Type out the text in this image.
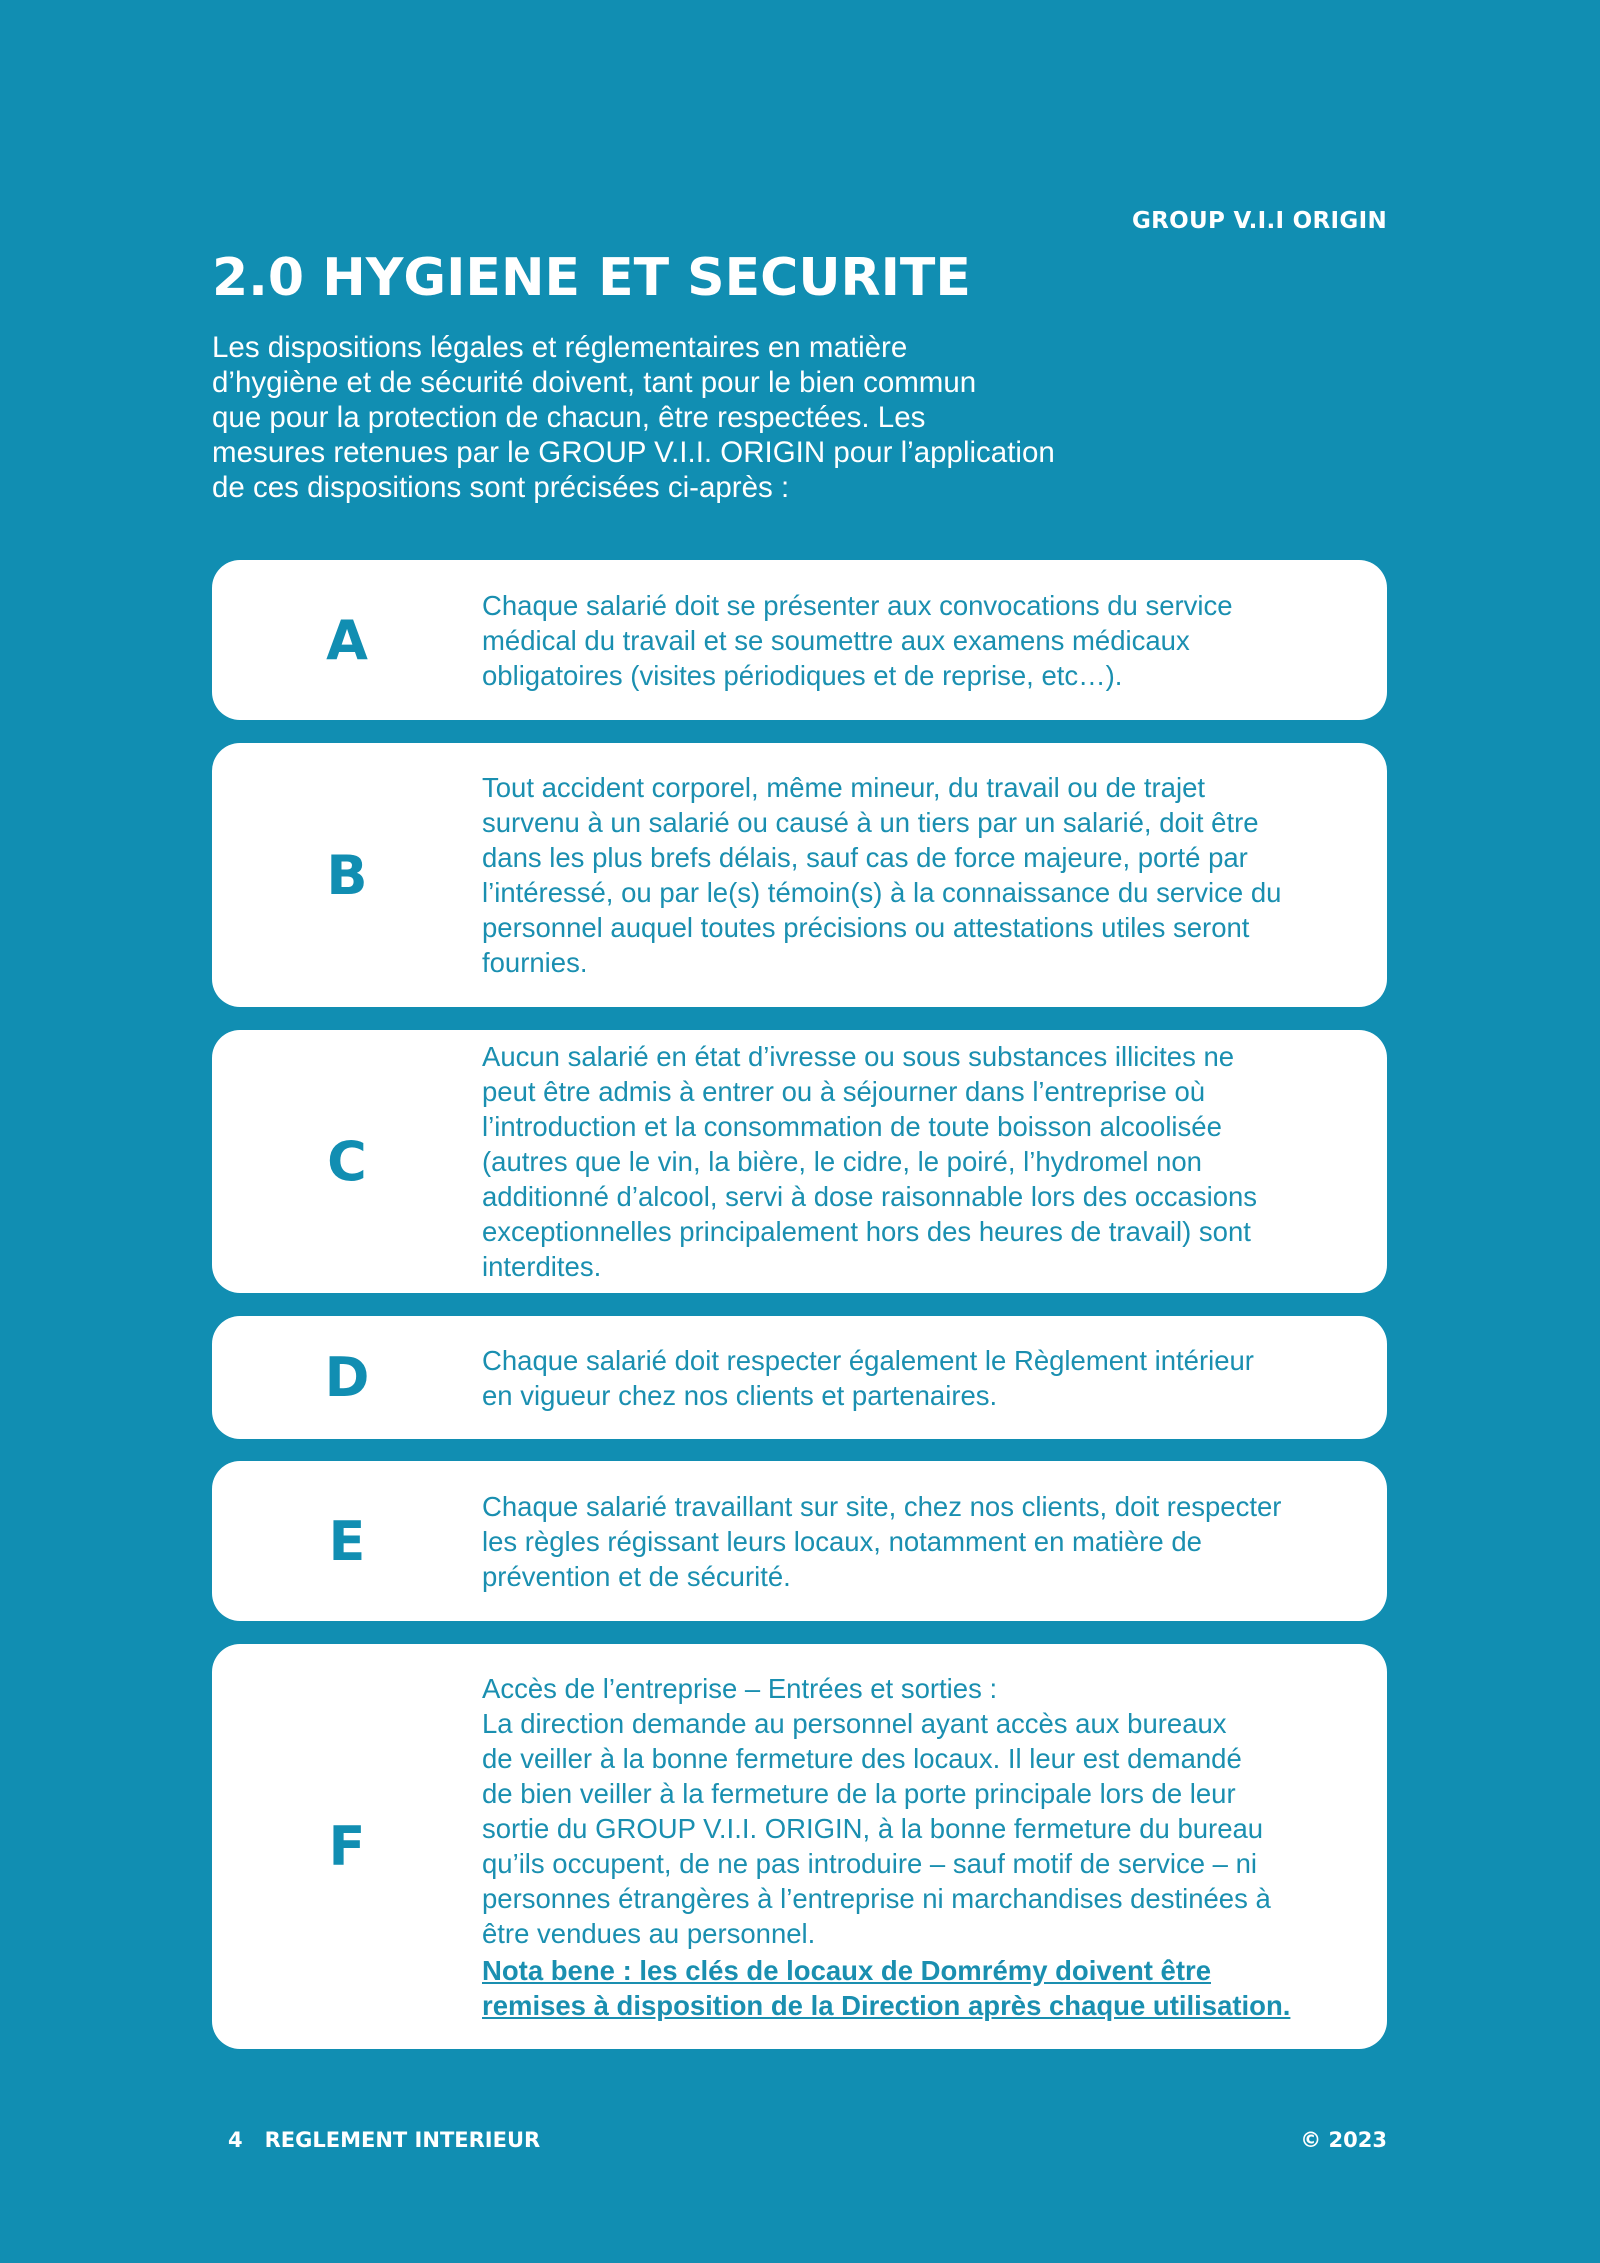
GROUP V.I.I ORIGIN
2.0 HYGIENE ET SECURITE
Les dispositions légales et réglementaires en matière
d’hygiène et de sécurité doivent, tant pour le bien commun
que pour la protection de chacun, être respectées. Les
mesures retenues par le GROUP V.I.I. ORIGIN pour l’application
de ces dispositions sont précisées ci-après :
A
Chaque salarié doit se présenter aux convocations du service
médical du travail et se soumettre aux examens médicaux
obligatoires (visites périodiques et de reprise, etc…).
B
Tout accident corporel, même mineur, du travail ou de trajet
survenu à un salarié ou causé à un tiers par un salarié, doit être
dans les plus brefs délais, sauf cas de force majeure, porté par
l’intéressé, ou par le(s) témoin(s) à la connaissance du service du
personnel auquel toutes précisions ou attestations utiles seront
fournies.
C
Aucun salarié en état d’ivresse ou sous substances illicites ne
peut être admis à entrer ou à séjourner dans l’entreprise où
l’introduction et la consommation de toute boisson alcoolisée
(autres que le vin, la bière, le cidre, le poiré, l’hydromel non
additionné d’alcool, servi à dose raisonnable lors des occasions
exceptionnelles principalement hors des heures de travail) sont
interdites.
D	Chaque salarié doit respecter également le Règlement intérieur
en vigueur chez nos clients et partenaires.
E
Chaque salarié travaillant sur site, chez nos clients, doit respecter
les règles régissant leurs locaux, notamment en matière de
prévention et de sécurité.
F
Accès de l’entreprise – Entrées et sorties :
La direction demande au personnel ayant accès aux bureaux
de veiller à la bonne fermeture des locaux. Il leur est demandé
de bien veiller à la fermeture de la porte principale lors de leur
sortie du GROUP V.I.I. ORIGIN, à la bonne fermeture du bureau
qu’ils occupent, de ne pas introduire – sauf motif de service – ni
personnes étrangères à l’entreprise ni marchandises destinées à
être vendues au personnel.
Nota bene : les clés de locaux de Domrémy doivent être
remises à disposition de la Direction après chaque utilisation.
4 REGLEMENT INTERIEUR	© 2023
